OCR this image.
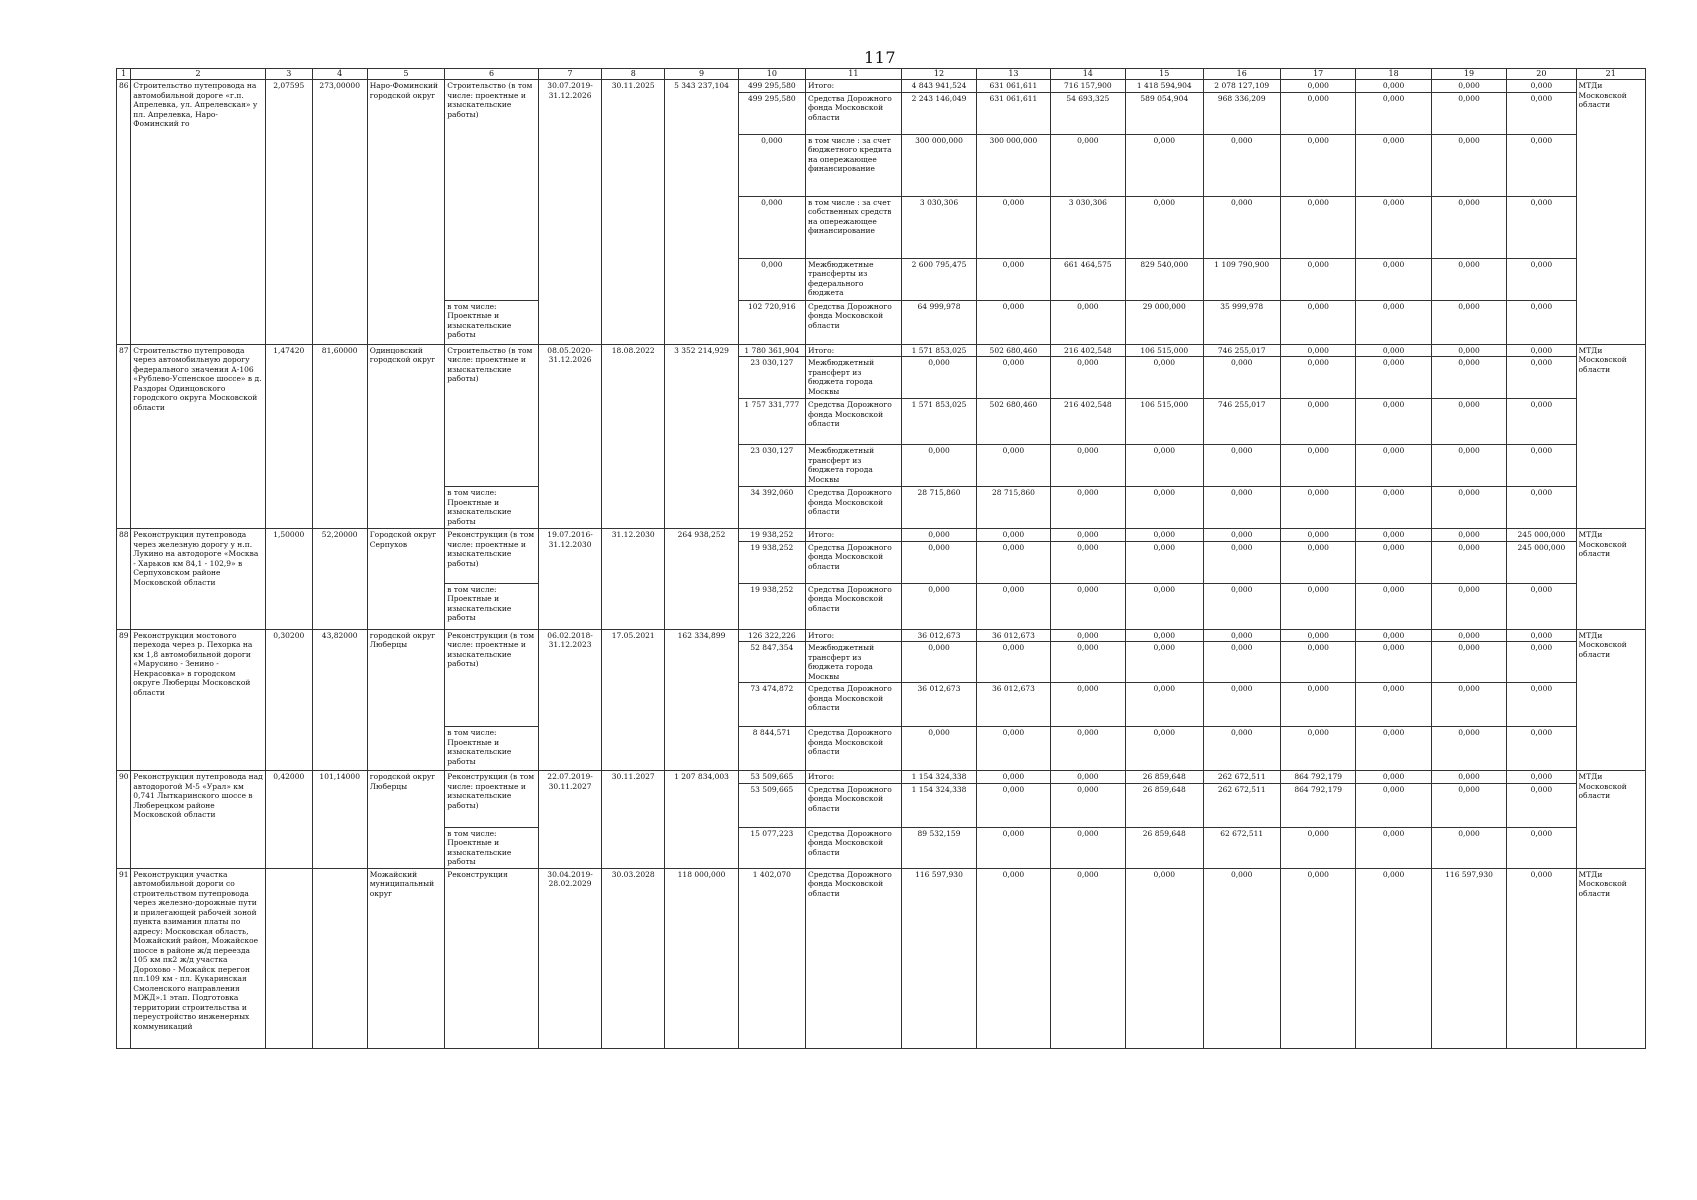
117
1	2	3	4	5	6	7	8	9	10	11	12	13	14	15	16	17	18	19	20	21
86	Строительство путепровода на автомобильной дороге «г.п. Апрелевка, ул. Апрелевская» у пл. Апрелевка, Наро-Фоминский го	2,07595	273,00000	Наро-Фоминский городской округ	Строительство (в том числе: проектные и изыскательские работы)	30.07.2019-31.12.2026	30.11.2025	5 343 237,104	499 295,580	Итого:	4 843 941,524	631 061,611	716 157,900	1 418 594,904	2 078 127,109	0,000	0,000	0,000	0,000	МТДи Московской области
									499 295,580	Средства Дорожного фонда Московской области	2 243 146,049	631 061,611	54 693,325	589 054,904	968 336,209	0,000	0,000	0,000	0,000	
									0,000	в том числе : за счет бюджетного кредита на опережающее финансирование	300 000,000	300 000,000	0,000	0,000	0,000	0,000	0,000	0,000	0,000	
									0,000	в том числе : за счет собственных средств на опережающее финансирование	3 030,306	0,000	3 030,306	0,000	0,000	0,000	0,000	0,000	0,000	
									0,000	Межбюджетные трансферты из федерального бюджета	2 600 795,475	0,000	661 464,575	829 540,000	1 109 790,900	0,000	0,000	0,000	0,000	
					в том числе: Проектные и изыскательские работы				102 720,916	Средства Дорожного фонда Московской области	64 999,978	0,000	0,000	29 000,000	35 999,978	0,000	0,000	0,000	0,000	
87	Строительство путепровода через автомобильную дорогу федерального значения А-106 «Рублево-Успенское шоссе» в д. Раздоры Одинцовского городского округа Московской области	1,47420	81,60000	Одинцовский городской округ	Строительство (в том числе: проектные и изыскательские работы)	08.05.2020-31.12.2026	18.08.2022	3 352 214,929	1 780 361,904	Итого:	1 571 853,025	502 680,460	216 402,548	106 515,000	746 255,017	0,000	0,000	0,000	0,000	МТДи Московской области
									23 030,127	Межбюджетный трансферт из бюджета города Москвы	0,000	0,000	0,000	0,000	0,000	0,000	0,000	0,000	0,000	
									1 757 331,777	Средства Дорожного фонда Московской области	1 571 853,025	502 680,460	216 402,548	106 515,000	746 255,017	0,000	0,000	0,000	0,000	
									23 030,127	Межбюджетный трансферт из бюджета города Москвы	0,000	0,000	0,000	0,000	0,000	0,000	0,000	0,000	0,000	
					в том числе: Проектные и изыскательские работы				34 392,060	Средства Дорожного фонда Московской области	28 715,860	28 715,860	0,000	0,000	0,000	0,000	0,000	0,000	0,000	
88	Реконструкция путепровода через железную дорогу у н.п. Лукино на автодороге «Москва - Харьков км 84,1 - 102,9» в Серпуховском районе Московской области	1,50000	52,20000	Городской округ Серпухов	Реконструкция (в том числе: проектные и изыскательские работы)	19.07.2016-31.12.2030	31.12.2030	264 938,252	19 938,252	Итого:	0,000	0,000	0,000	0,000	0,000	0,000	0,000	0,000	245 000,000	МТДи Московской области
									19 938,252	Средства Дорожного фонда Московской области	0,000	0,000	0,000	0,000	0,000	0,000	0,000	0,000	245 000,000	
					в том числе: Проектные и изыскательские работы				19 938,252	Средства Дорожного фонда Московской области	0,000	0,000	0,000	0,000	0,000	0,000	0,000	0,000	0,000	
89	Реконструкция мостового перехода через р. Пехорка на км 1,8 автомобильной дороги «Марусино - Зенино - Некрасовка» в городском округе Люберцы Московской области	0,30200	43,82000	городской округ Люберцы	Реконструкция (в том числе: проектные и изыскательские работы)	06.02.2018-31.12.2023	17.05.2021	162 334,899	126 322,226	Итого:	36 012,673	36 012,673	0,000	0,000	0,000	0,000	0,000	0,000	0,000	МТДи Московской области
									52 847,354	Межбюджетный трансферт из бюджета города Москвы	0,000	0,000	0,000	0,000	0,000	0,000	0,000	0,000	0,000	
									73 474,872	Средства Дорожного фонда Московской области	36 012,673	36 012,673	0,000	0,000	0,000	0,000	0,000	0,000	0,000	
					в том числе: Проектные и изыскательские работы				8 844,571	Средства Дорожного фонда Московской области	0,000	0,000	0,000	0,000	0,000	0,000	0,000	0,000	0,000	
90	Реконструкция путепровода над автодорогой М-5 «Урал» км 0,741 Лыткаринского шоссе в Люберецком районе Московской области	0,42000	101,14000	городской округ Люберцы	Реконструкция (в том числе: проектные и изыскательские работы)	22.07.2019-30.11.2027	30.11.2027	1 207 834,003	53 509,665	Итого:	1 154 324,338	0,000	0,000	26 859,648	262 672,511	864 792,179	0,000	0,000	0,000	МТДи Московской области
									53 509,665	Средства Дорожного фонда Московской области	1 154 324,338	0,000	0,000	26 859,648	262 672,511	864 792,179	0,000	0,000	0,000	
					в том числе: Проектные и изыскательские работы				15 077,223	Средства Дорожного фонда Московской области	89 532,159	0,000	0,000	26 859,648	62 672,511	0,000	0,000	0,000	0,000	
91	Реконструкция участка автомобильной дороги со строительством путепровода через железно-дорожные пути и прилегающей рабочей зоной пункта взимания платы по адресу: Московская область, Можайский район, Можайское шоссе в районе ж/д переезда 105 км пк2 ж/д участка Дорохово - Можайск перегон пл.109 км - пл. Кукаринская Смоленского направления МЖД».1 этап. Подготовка территории строительства и переустройство инженерных коммуникаций			Можайский муниципальный округ	Реконструкция	30.04.2019-28.02.2029	30.03.2028	118 000,000	1 402,070	Средства Дорожного фонда Московской области	116 597,930	0,000	0,000	0,000	0,000	0,000	0,000	116 597,930	0,000	МТДи Московской области
